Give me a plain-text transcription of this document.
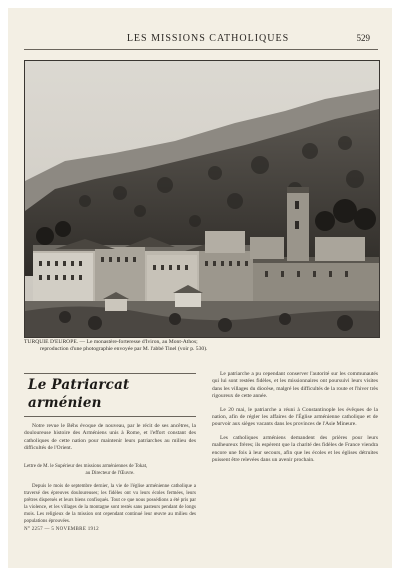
LES MISSIONS CATHOLIQUES	529
TURQUIE D'EUROPE. — Le monastère-forteresse d'Iviron, au Mont-Athos;
reproduction d'une photographie envoyée par M. l'abbé Tinel (voir p. 530).
Le Patriarcat arménien

Notre revue le Béhs évoque de nouveau, par le récit de ses ancêtres, la douloureuse histoire des Arméniens unis à Rome, et l'effort constant des catholiques de cette nation pour maintenir leurs patriarches au milieu des difficultés de l'Orient.

Lettre de M. le Supérieur des missions arméniennes de Tokat,
au Directeur de l'Œuvre.

Depuis le mois de septembre dernier, la vie de l'église arménienne catholique a traversé des épreuves douloureuses; les fidèles ont vu leurs écoles fermées, leurs prêtres dispersés et leurs biens confisqués. Tout ce que nous possédions a été pris par la violence, et les villages de la montagne sont restés sans pasteurs pendant de longs mois. Les religieux de la mission ont cependant continué leur œuvre au milieu des populations éprouvées.

N° 2257 — 5 NOVEMBRE 1912

Le patriarche a pu cependant conserver l'autorité sur les communautés qui lui sont restées fidèles, et les missionnaires ont poursuivi leurs visites dans les villages du diocèse, malgré les difficultés de la route et l'hiver très rigoureux de cette année.

Le 20 mai, le patriarche a réuni à Constantinople les évêques de la nation, afin de régler les affaires de l'Église arménienne catholique et de pourvoir aux sièges vacants dans les provinces de l'Asie Mineure.

Les catholiques arméniens demandent des prières pour leurs malheureux frères; ils espèrent que la charité des fidèles de France viendra encore une fois à leur secours, afin que les écoles et les églises détruites puissent être relevées dans un avenir prochain.
